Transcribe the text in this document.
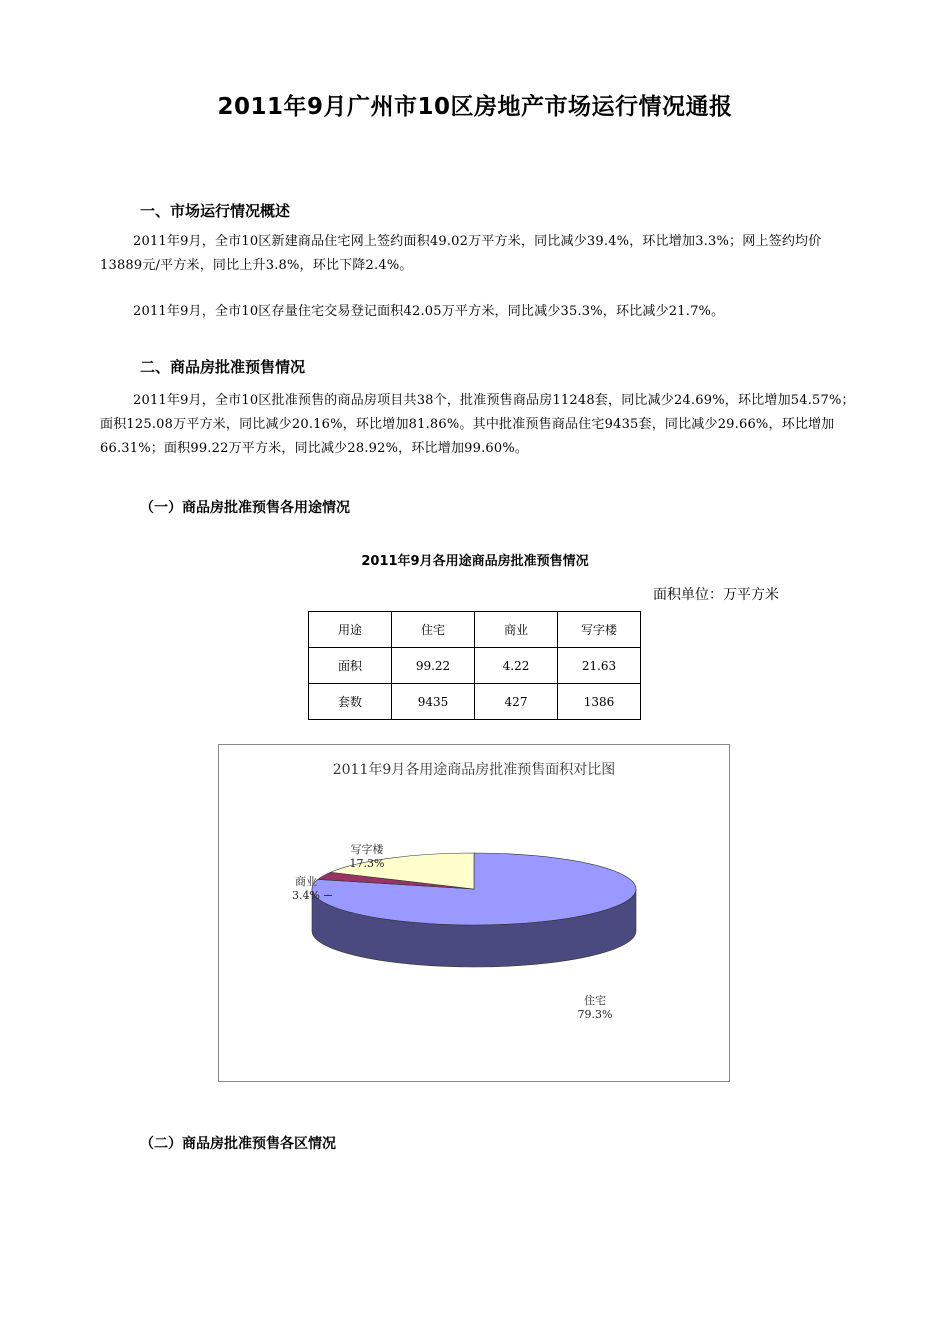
2011年9月广州市10区房地产市场运行情况通报
一、市场运行情况概述
2011年9月，全市10区新建商品住宅网上签约面积49.02万平方米，同比减少39.4%，环比增加3.3%；网上签约均价13889元/平方米，同比上升3.8%，环比下降2.4%。
2011年9月，全市10区存量住宅交易登记面积42.05万平方米，同比减少35.3%，环比减少21.7%。
二、商品房批准预售情况
2011年9月，全市10区批准预售的商品房项目共38个，批准预售商品房11248套，同比减少24.69%，环比增加54.57%；面积125.08万平方米，同比减少20.16%，环比增加81.86%。其中批准预售商品住宅9435套，同比减少29.66%，环比增加66.31%；面积99.22万平方米，同比减少28.92%，环比增加99.60%。
（一）商品房批准预售各用途情况
2011年9月各用途商品房批准预售情况
面积单位：万平方米
用途	住宅	商业	写字楼
面积	99.22	4.22	21.63
套数	9435	427	1386
2011年9月各用途商品房批准预售面积对比图
写字楼
17.3%
商业
3.4%
住宅
79.3%
（二）商品房批准预售各区情况
